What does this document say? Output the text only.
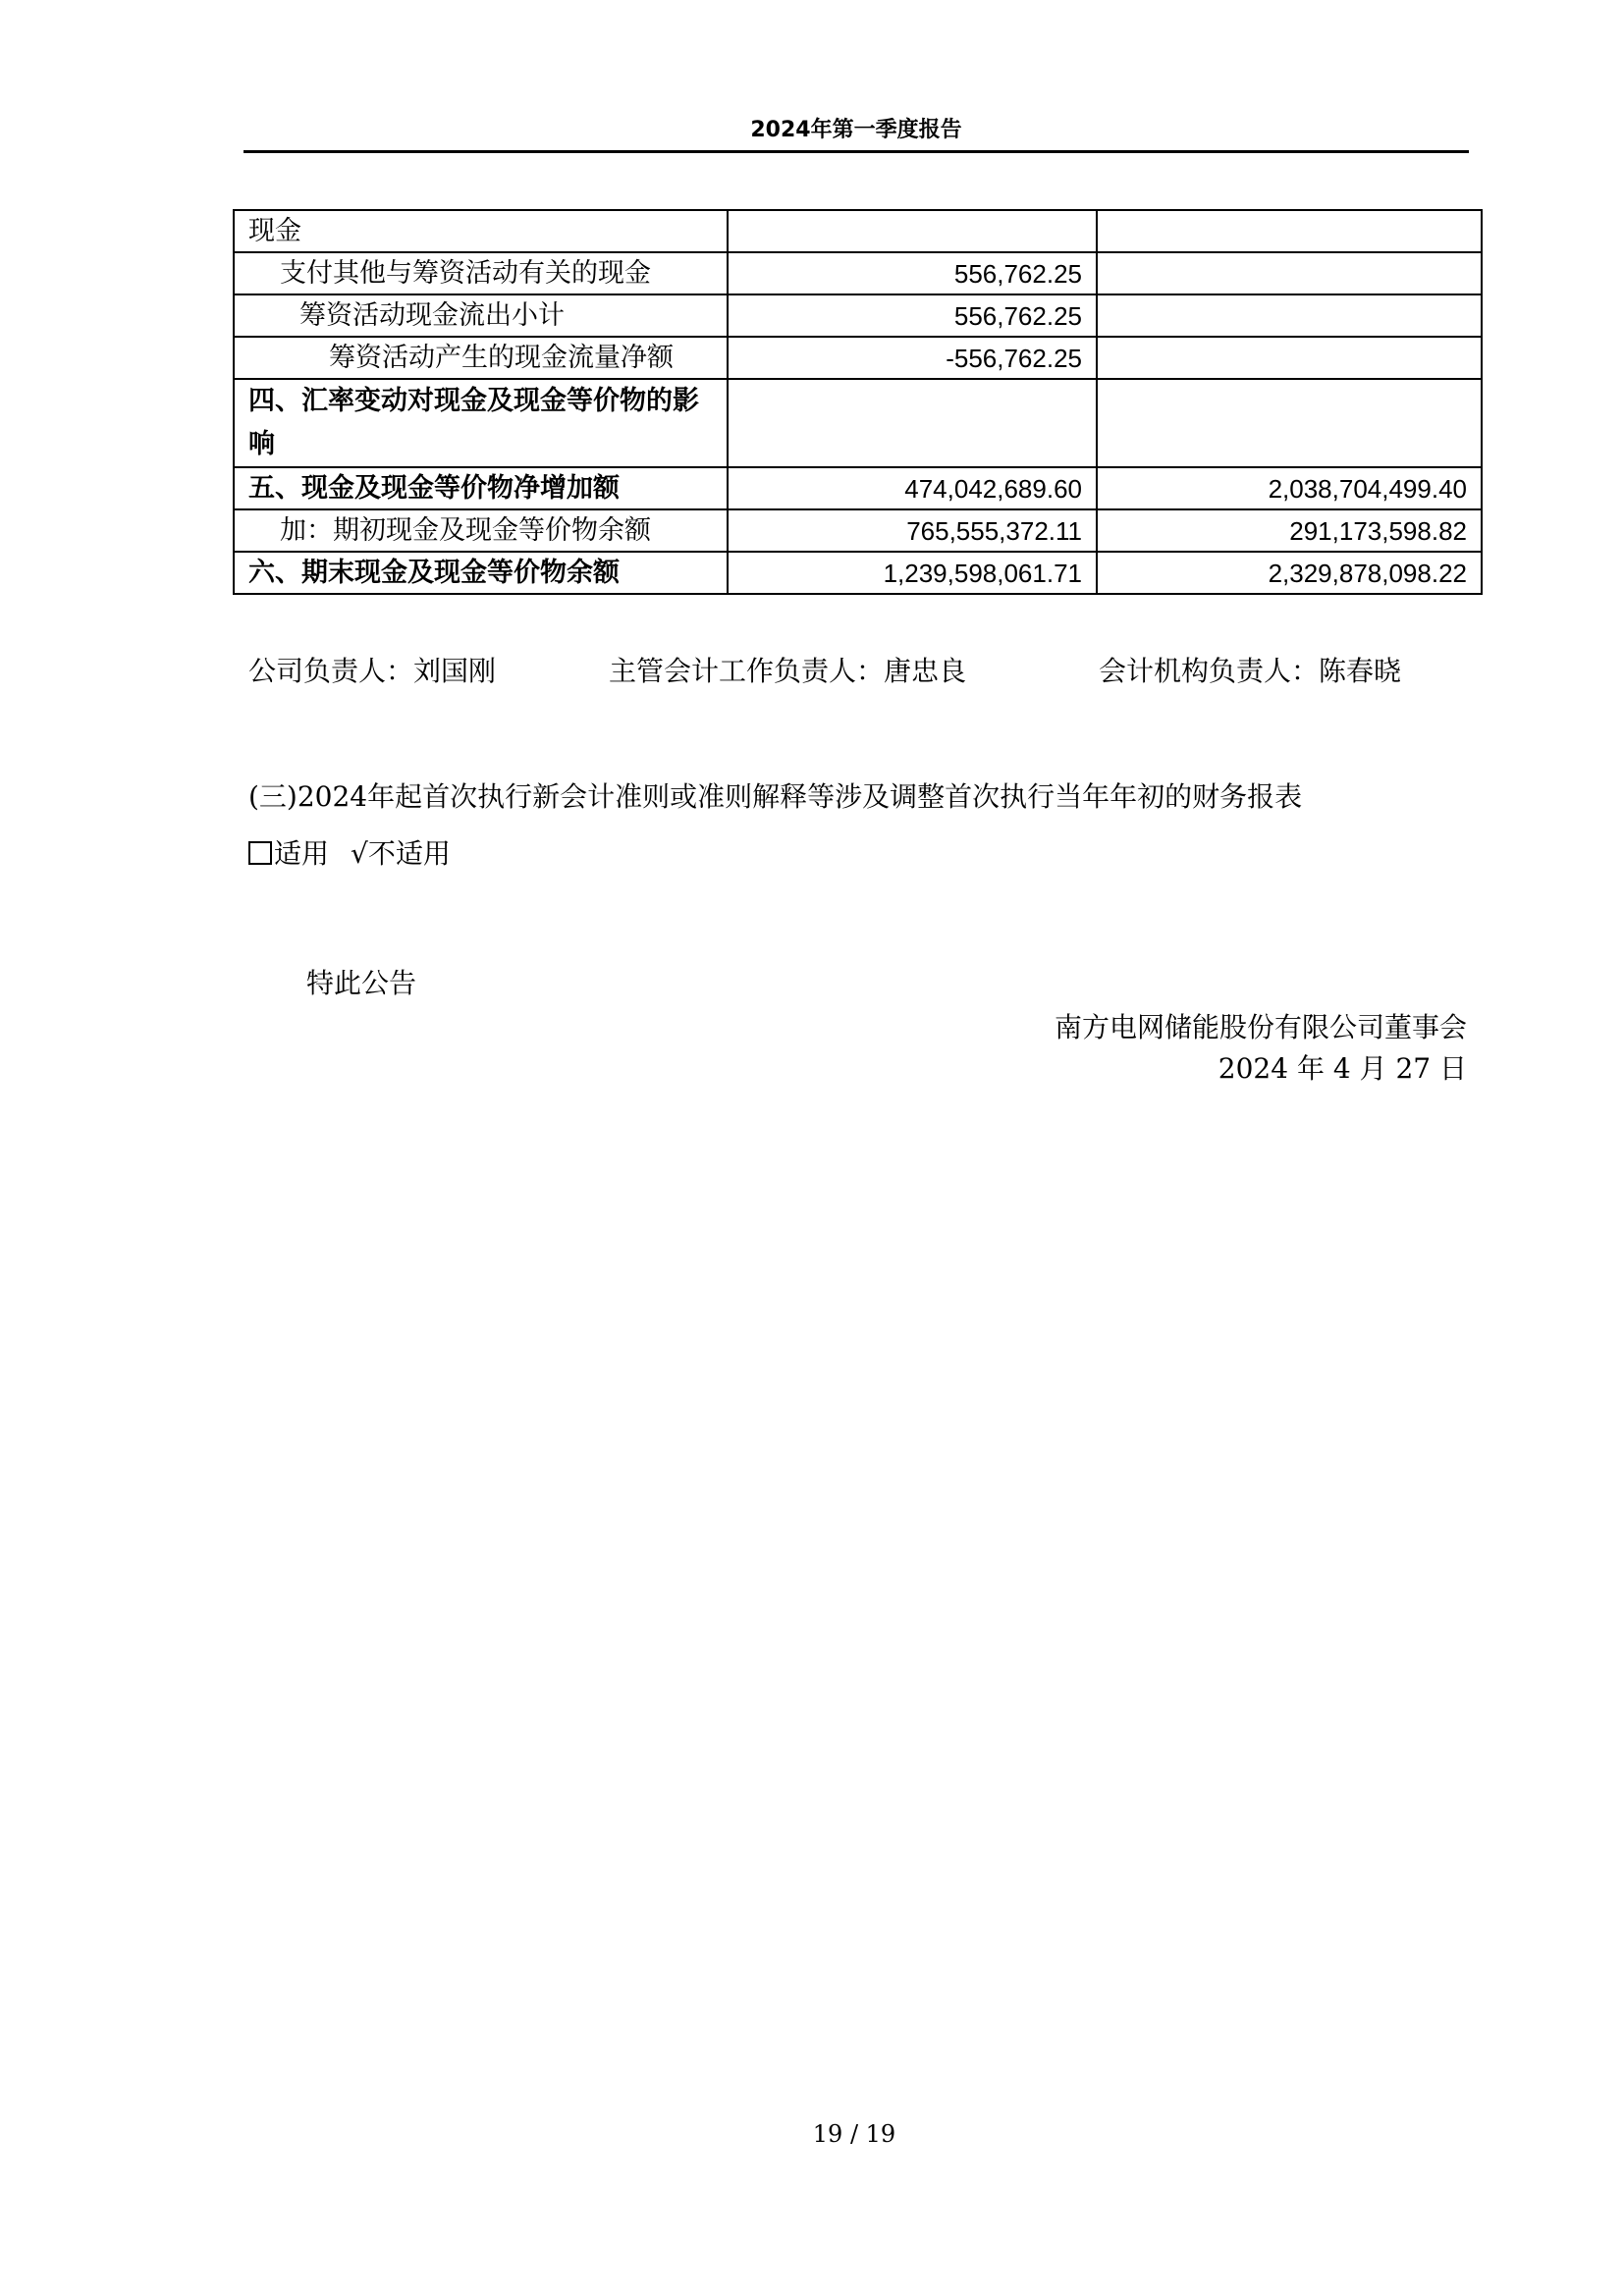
2024年第一季度报告
现金		
支付其他与筹资活动有关的现金	556,762.25	
筹资活动现金流出小计	556,762.25	
筹资活动产生的现金流量净额	-556,762.25	
四、汇率变动对现金及现金等价物的影响		
五、现金及现金等价物净增加额	474,042,689.60	2,038,704,499.40
加：期初现金及现金等价物余额	765,555,372.11	291,173,598.82
六、期末现金及现金等价物余额	1,239,598,061.71	2,329,878,098.22
公司负责人：刘国刚	主管会计工作负责人：唐忠良	会计机构负责人：陈春晓
(三)2024年起首次执行新会计准则或准则解释等涉及调整首次执行当年年初的财务报表
适用 √不适用
特此公告
南方电网储能股份有限公司董事会
2024 年 4 月 27 日
19 / 19
